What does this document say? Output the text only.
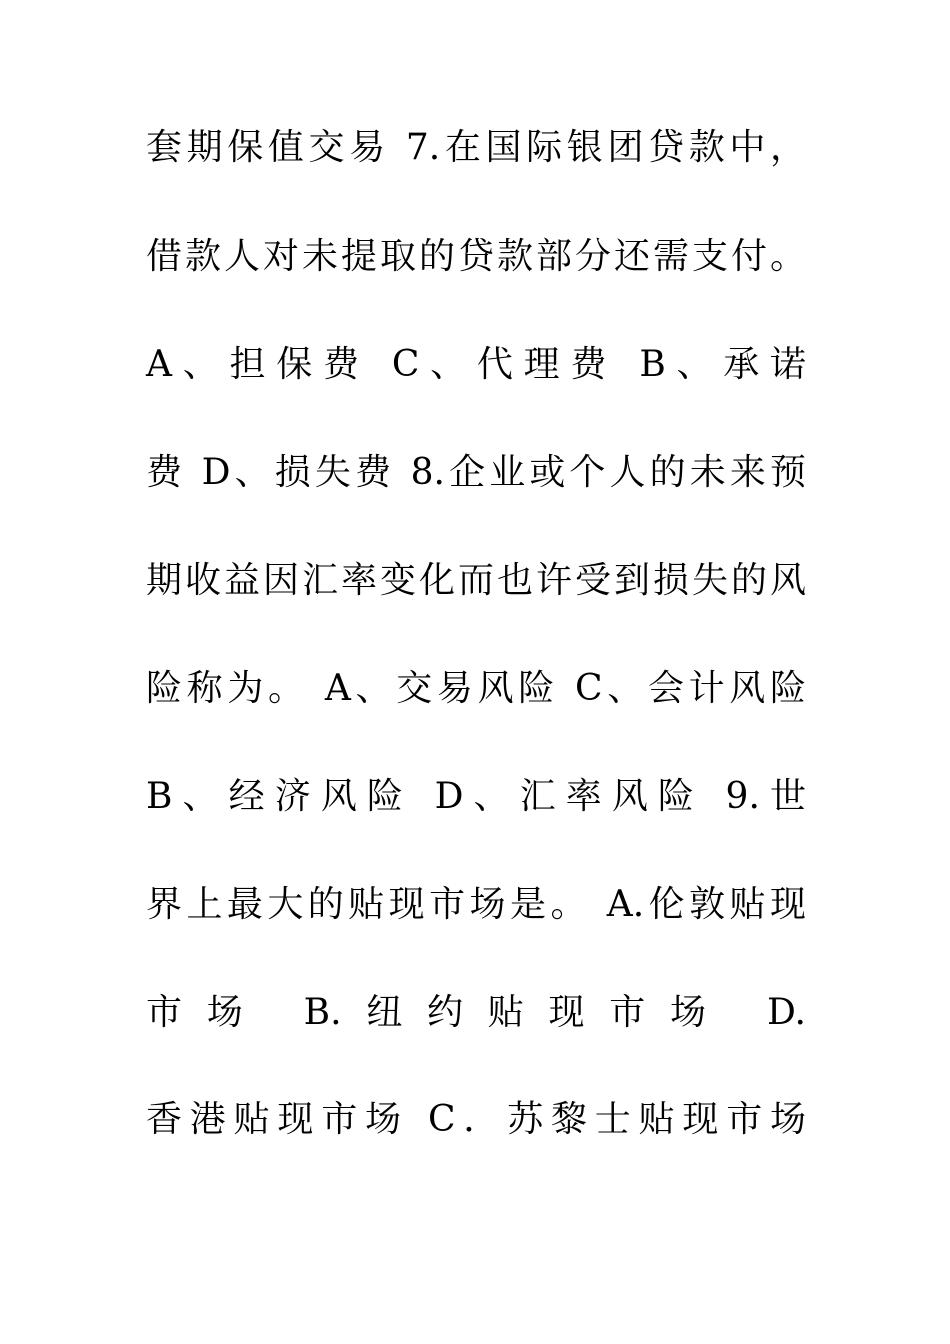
套期保值交易 7.在国际银团贷款中，
借款人对未提取的贷款部分还需支付。
A、担保费 C、代理费 B、承诺
费 D、损失费 8.企业或个人的未来预
期收益因汇率变化而也许受到损失的风
险称为。 A、交易风险 C、会计风险
B、经济风险 D、汇率风险 9.世
界上最大的贴现市场是。 A.伦敦贴现
市场 B.纽约贴现市场 D.
香港贴现市场 C．苏黎士贴现市场
